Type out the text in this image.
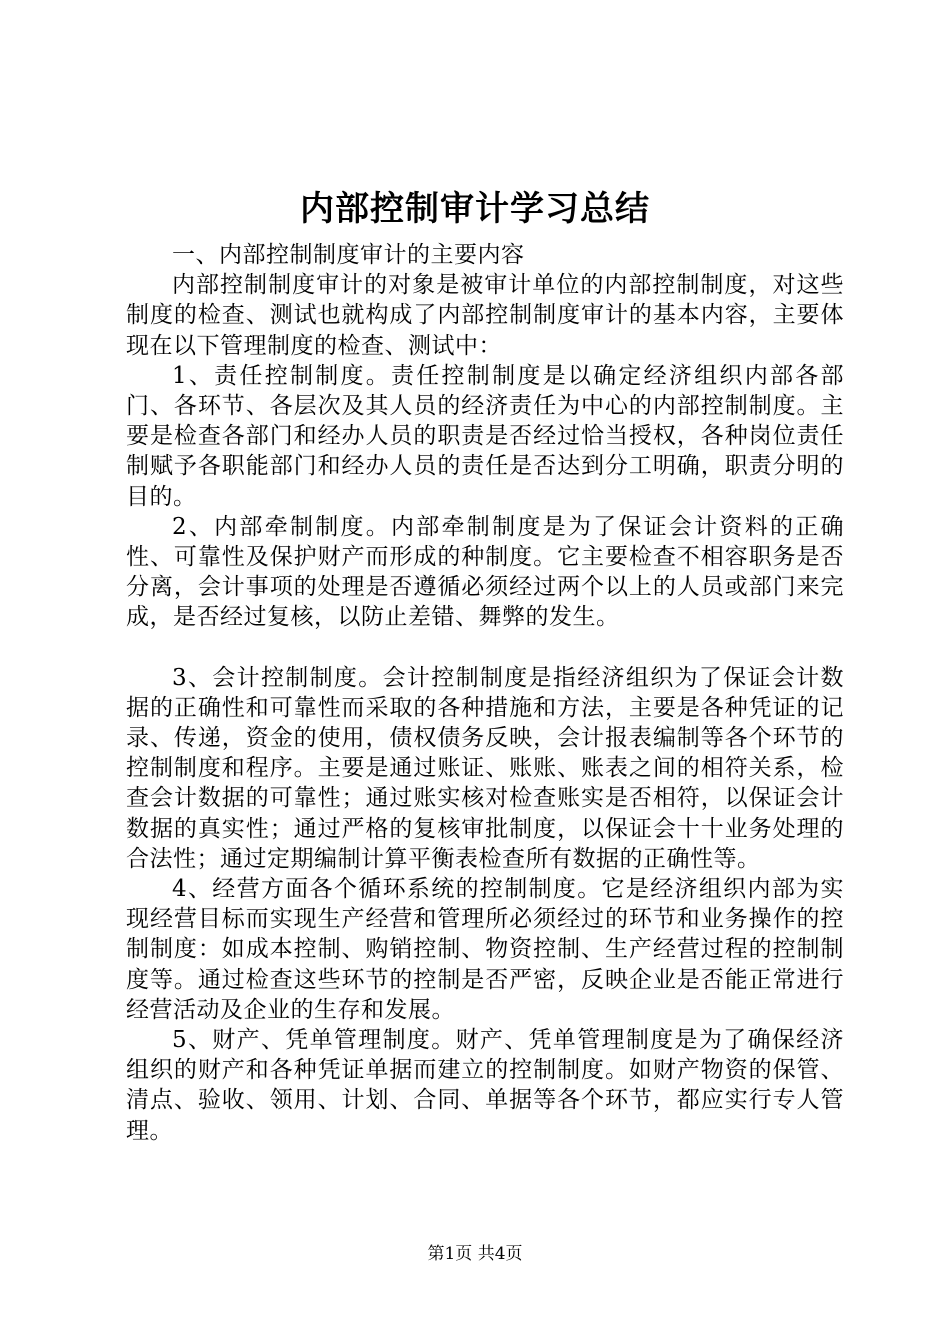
内部控制审计学习总结

一、内部控制制度审计的主要内容

内部控制制度审计的对象是被审计单位的内部控制制度，对这些制度的检查、测试也就构成了内部控制制度审计的基本内容，主要体现在以下管理制度的检查、测试中：

1、责任控制制度。责任控制制度是以确定经济组织内部各部门、各环节、各层次及其人员的经济责任为中心的内部控制制度。主要是检查各部门和经办人员的职责是否经过恰当授权，各种岗位责任制赋予各职能部门和经办人员的责任是否达到分工明确，职责分明的目的。

2、内部牵制制度。内部牵制制度是为了保证会计资料的正确性、可靠性及保护财产而形成的种制度。它主要检查不相容职务是否分离，会计事项的处理是否遵循必须经过两个以上的人员或部门来完成，是否经过复核，以防止差错、舞弊的发生。

3、会计控制制度。会计控制制度是指经济组织为了保证会计数据的正确性和可靠性而采取的各种措施和方法，主要是各种凭证的记录、传递，资金的使用，债权债务反映，会计报表编制等各个环节的控制制度和程序。主要是通过账证、账账、账表之间的相符关系，检查会计数据的可靠性；通过账实核对检查账实是否相符，以保证会计数据的真实性；通过严格的复核审批制度，以保证会十十业务处理的合法性；通过定期编制计算平衡表检查所有数据的正确性等。

4、经营方面各个循环系统的控制制度。它是经济组织内部为实现经营目标而实现生产经营和管理所必须经过的环节和业务操作的控制制度：如成本控制、购销控制、物资控制、生产经营过程的控制制度等。通过检查这些环节的控制是否严密，反映企业是否能正常进行经营活动及企业的生存和发展。

5、财产、凭单管理制度。财产、凭单管理制度是为了确保经济组织的财产和各种凭证单据而建立的控制制度。如财产物资的保管、清点、验收、领用、计划、合同、单据等各个环节，都应实行专人管理。

第1页 共4页
